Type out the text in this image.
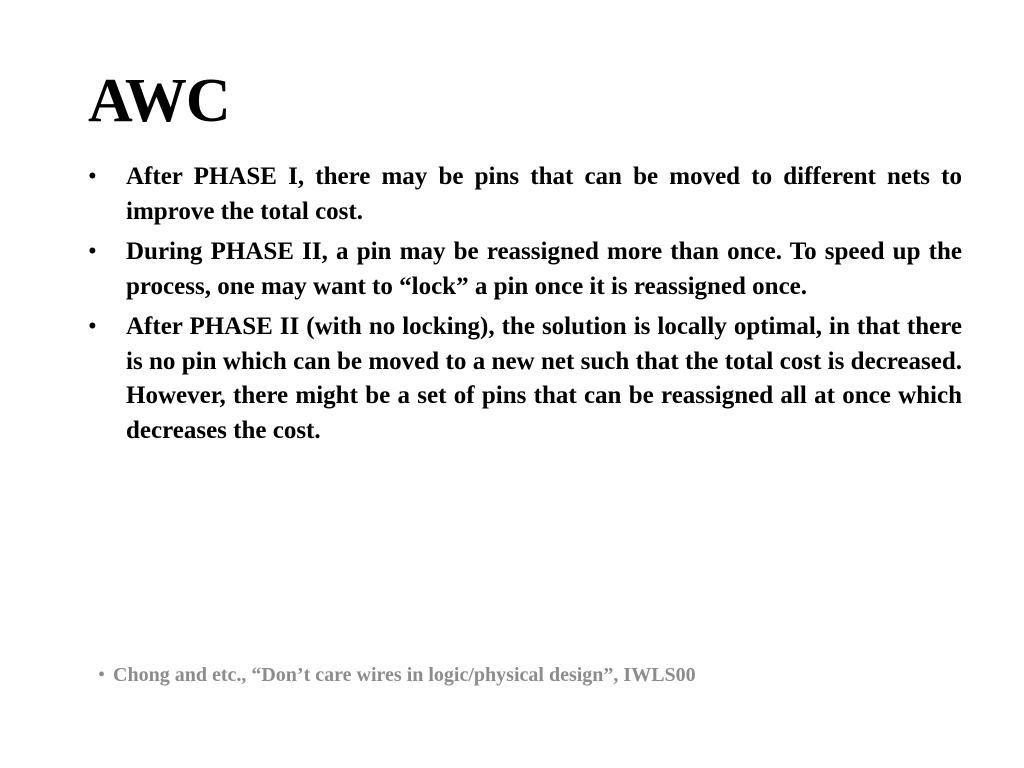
AWC
•	After PHASE I, there may be pins that can be moved to different nets to improve the total cost.
•	During PHASE II, a pin may be reassigned more than once. To speed up the process, one may want to “lock” a pin once it is reassigned once.
•	After PHASE II (with no locking), the solution is locally optimal, in that there is no pin which can be moved to a new net such that the total cost is decreased. However, there might be a set of pins that can be reassigned all at once which decreases the cost.
• Chong and etc., “Don’t care wires in logic/physical design”, IWLS00
